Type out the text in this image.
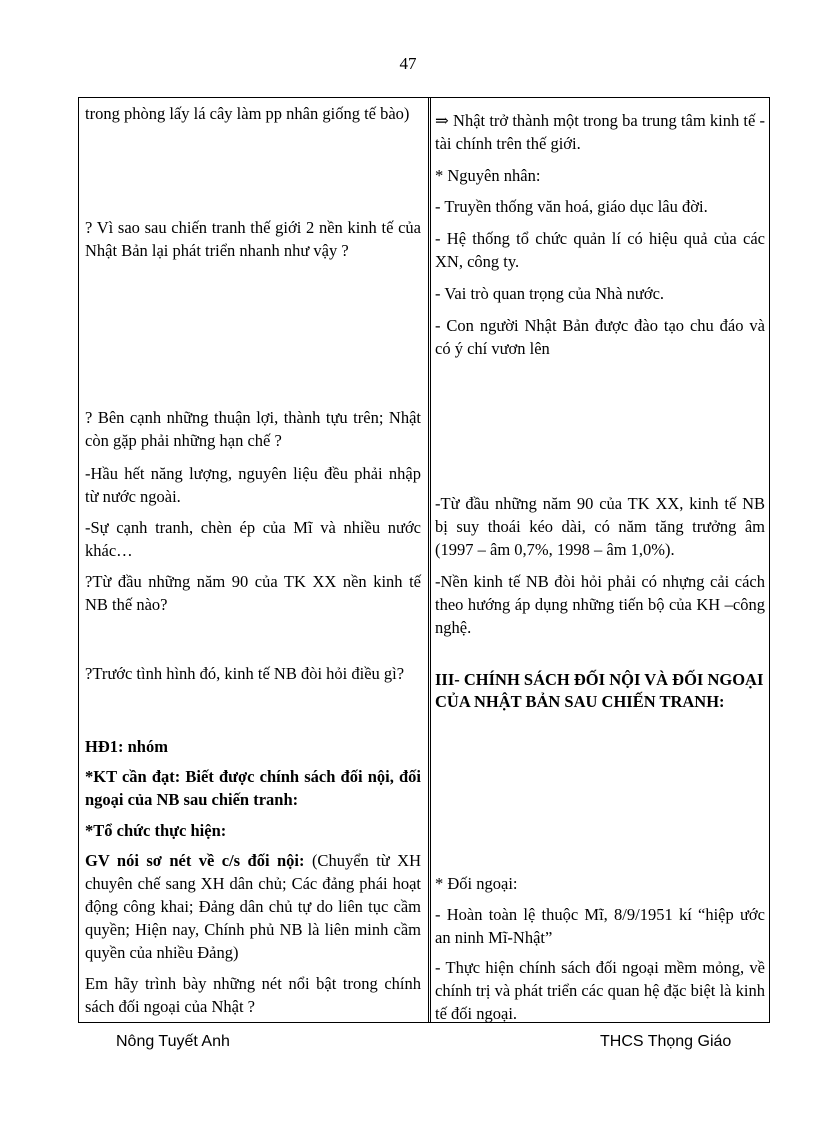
47

trong phòng lấy lá cây làm pp nhân giống tế bào)

? Vì sao sau chiến tranh thế giới 2 nền kinh tế của Nhật Bản lại phát triển nhanh như vậy ?

? Bên cạnh những thuận lợi, thành tựu trên; Nhật còn gặp phải những hạn chế ?

-Hầu hết năng lượng, nguyên liệu đều phải nhập từ nước ngoài.

-Sự cạnh tranh, chèn ép của Mĩ và nhiều nước khác…

?Từ đầu những năm 90 của TK XX nền kinh tế NB thế nào?

?Trước tình hình đó, kinh tế NB đòi hỏi điều gì?

HĐ1: nhóm

*KT cần đạt: Biết được chính sách đối nội, đối ngoại của NB sau chiến tranh:

*Tổ chức thực hiện:

GV nói sơ nét về c/s đối nội: (Chuyển từ XH chuyên chế sang XH dân chủ; Các đảng phái hoạt động công khai; Đảng dân chủ tự do liên tục cầm quyền; Hiện nay, Chính phủ NB là liên minh cầm quyền của nhiều Đảng)

Em hãy trình bày những nét nổi bật trong chính sách đối ngoại của Nhật ?

⇒ Nhật trở thành một trong ba trung tâm kinh tế - tài chính trên thế giới.

* Nguyên nhân:

- Truyền thống văn hoá, giáo dục lâu đời.

- Hệ thống tổ chức quản lí có hiệu quả của các XN, công ty.

- Vai trò quan trọng của Nhà nước.

- Con người Nhật Bản được đào tạo chu đáo và có ý chí vươn lên

-Từ đầu những năm 90 của TK XX, kinh tế NB bị suy thoái kéo dài, có năm tăng trưởng âm (1997 – âm 0,7%, 1998 – âm 1,0%).

-Nền kinh tế NB đòi hỏi phải có nhựng cải cách theo hướng áp dụng những tiến bộ của KH –công nghệ.

III- CHÍNH SÁCH ĐỐI NỘI VÀ ĐỐI NGOẠI CỦA NHẬT BẢN SAU CHIẾN TRANH:

* Đối ngoại:

- Hoàn toàn lệ thuộc Mĩ, 8/9/1951 kí “hiệp ước an ninh Mĩ-Nhật”

- Thực hiện chính sách đối ngoại mềm mỏng, về chính trị và phát triển các quan hệ đặc biệt là kinh tế đối ngoại.

Nông Tuyết Anh	THCS Thọng Giáo
